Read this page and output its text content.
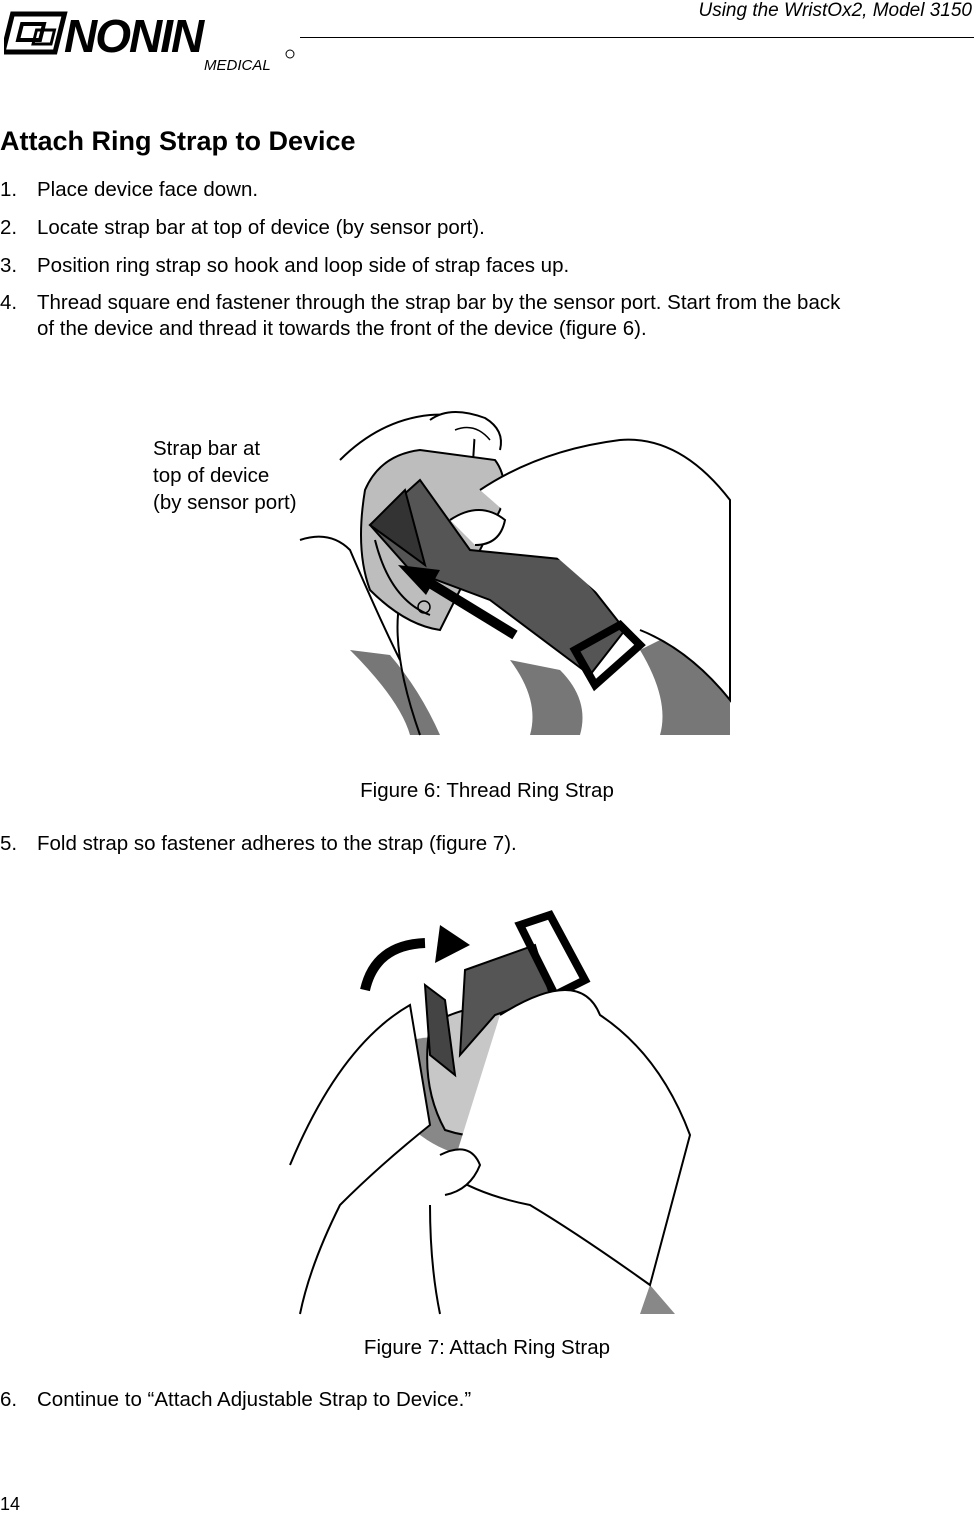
NONIN
MEDICAL
Using the WristOx2, Model 3150
Attach Ring Strap to Device
1. Place device face down.
2. Locate strap bar at top of device (by sensor port).
3. Position ring strap so hook and loop side of strap faces up.
4. Thread square end fastener through the strap bar by the sensor port. Start from the back of the device and thread it towards the front of the device (figure 6).
Strap bar at
top of device
(by sensor port)
Figure 6: Thread Ring Strap
5. Fold strap so fastener adheres to the strap (figure 7).
Figure 7: Attach Ring Strap
6. Continue to “Attach Adjustable Strap to Device.”
14
